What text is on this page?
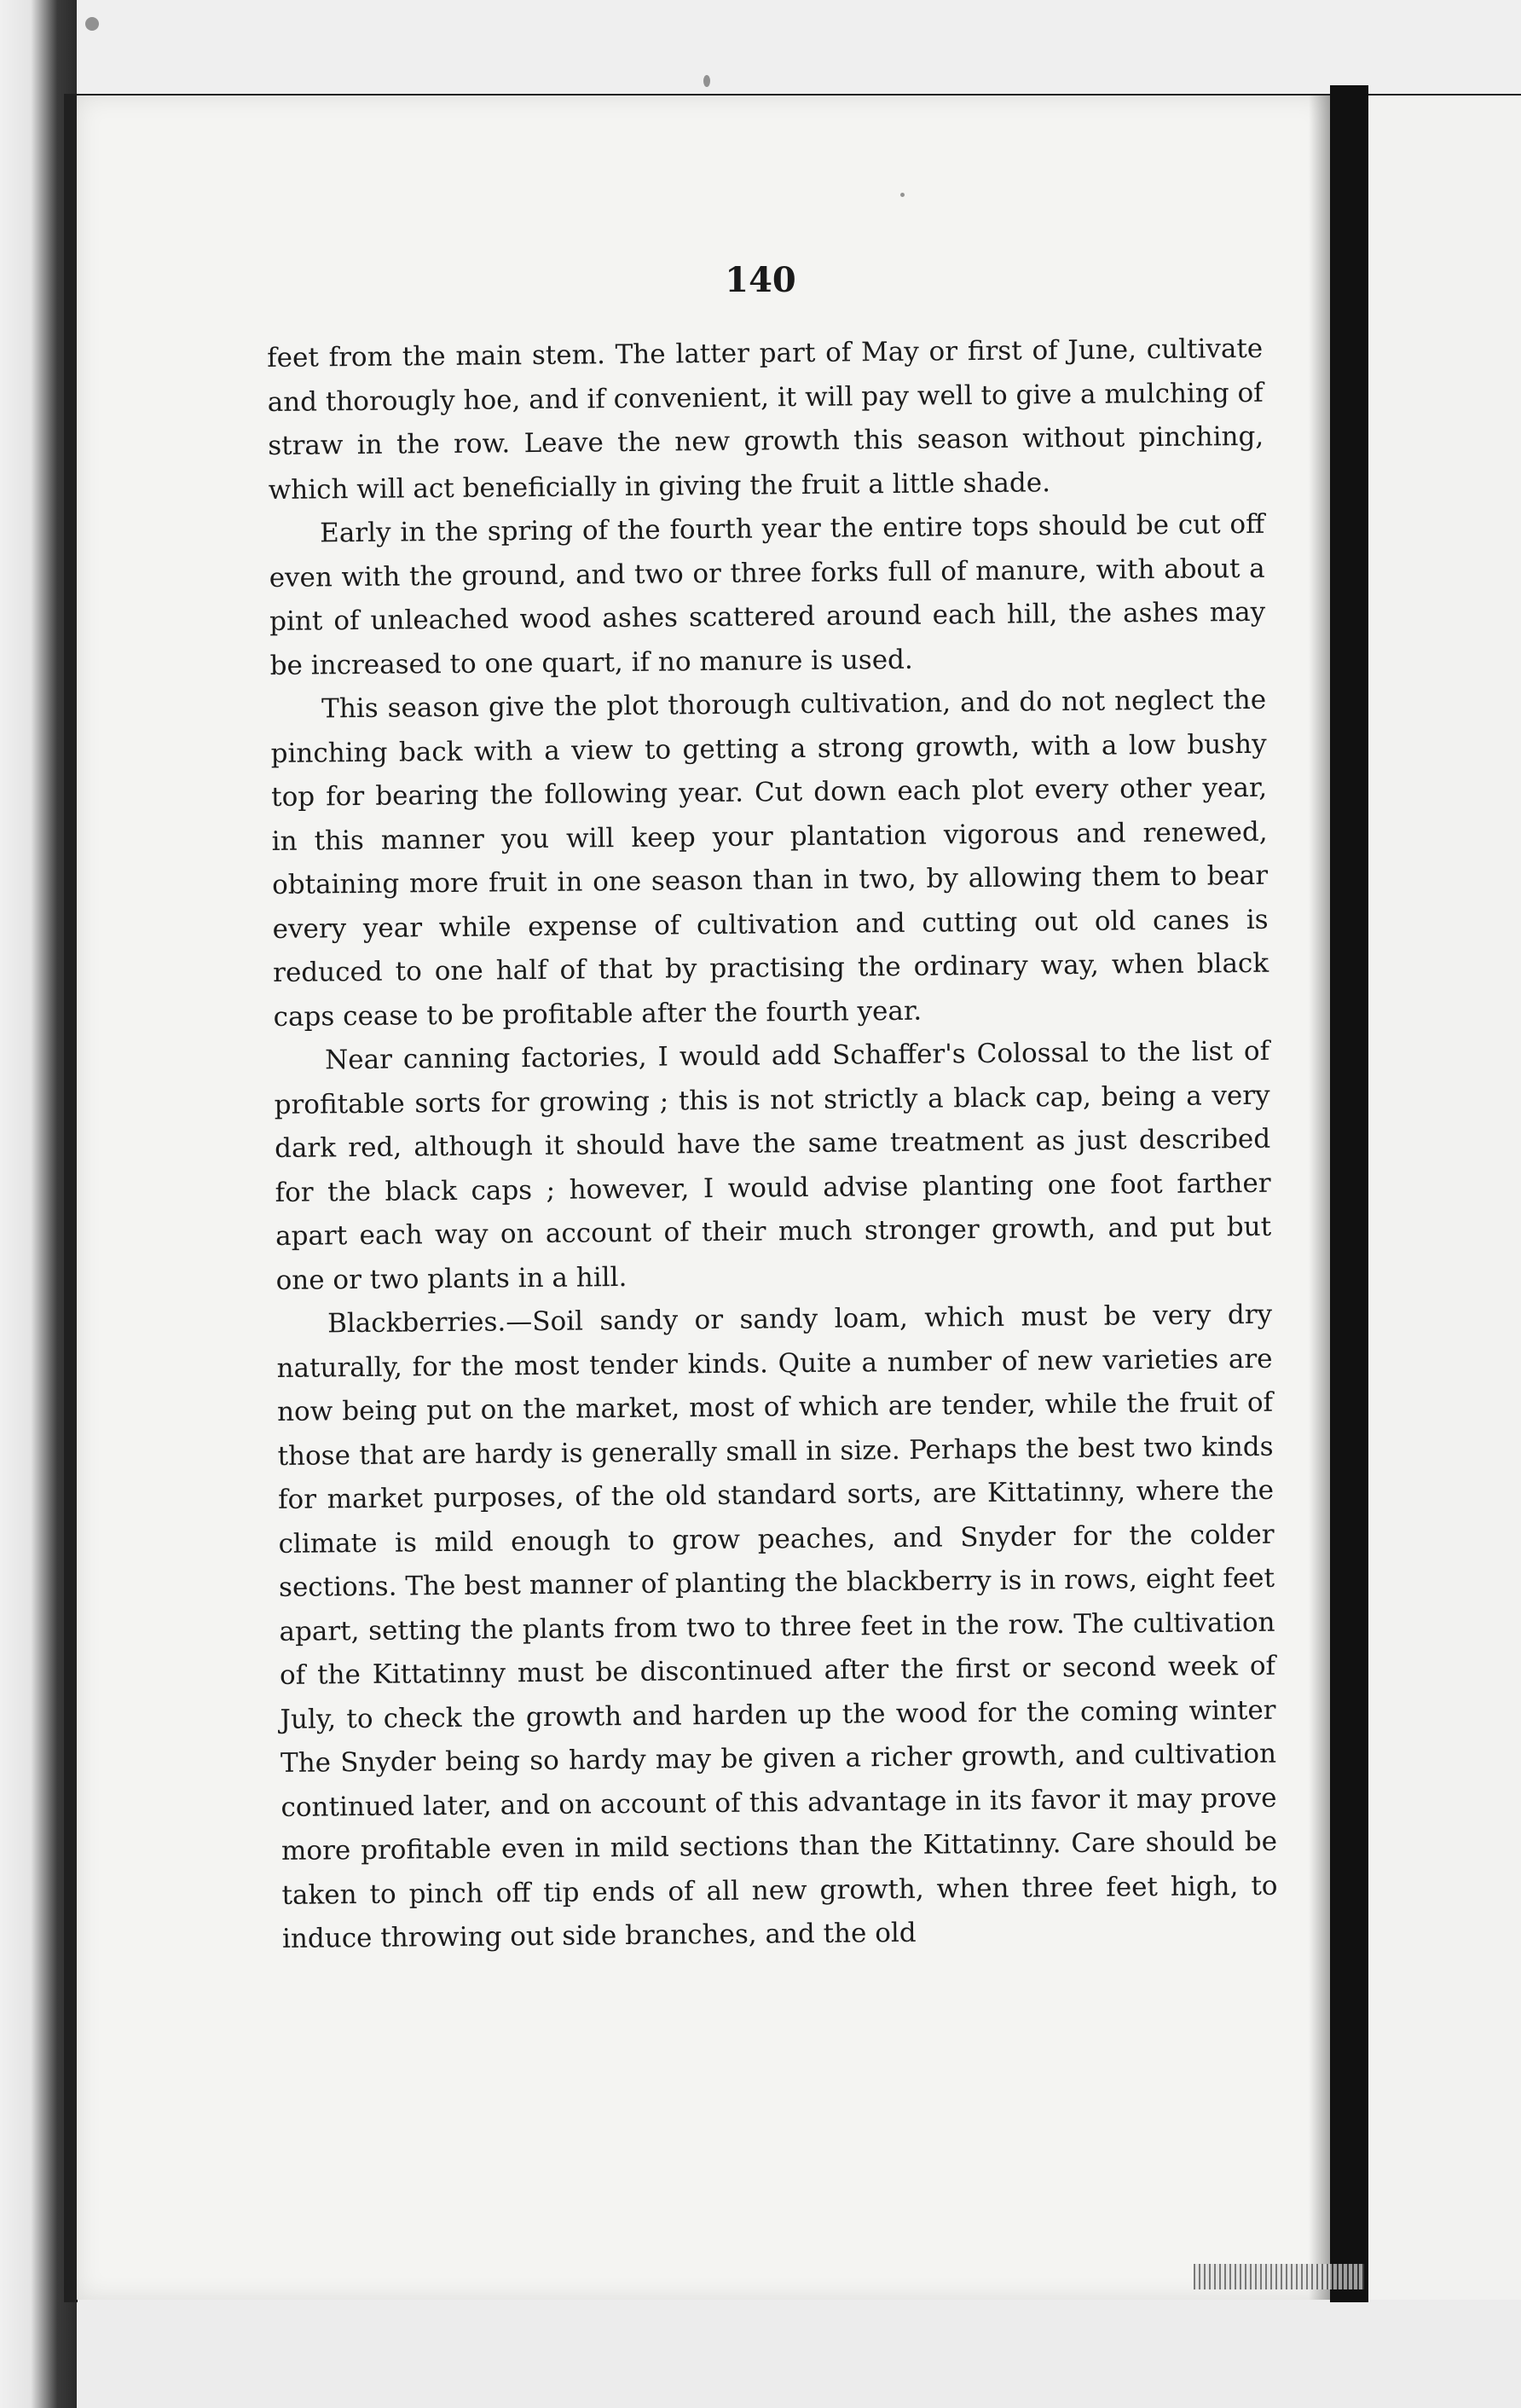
140

feet from the main stem. The latter part of May or first of June, cultivate and thorougly hoe, and if convenient, it will pay well to give a mulching of straw in the row. Leave the new growth this season without pinching, which will act beneficially in giving the fruit a little shade.

Early in the spring of the fourth year the entire tops should be cut off even with the ground, and two or three forks full of manure, with about a pint of unleached wood ashes scattered around each hill, the ashes may be increased to one quart, if no manure is used.

This season give the plot thorough cultivation, and do not neglect the pinching back with a view to getting a strong growth, with a low bushy top for bearing the following year. Cut down each plot every other year, in this manner you will keep your plantation vigorous and renewed, obtaining more fruit in one season than in two, by allowing them to bear every year while expense of cultivation and cutting out old canes is reduced to one half of that by practising the ordinary way, when black caps cease to be profitable after the fourth year.

Near canning factories, I would add Schaffer's Colossal to the list of profitable sorts for growing ; this is not strictly a black cap, being a very dark red, although it should have the same treatment as just described for the black caps ; however, I would advise planting one foot farther apart each way on account of their much stronger growth, and put but one or two plants in a hill.

Blackberries.—Soil sandy or sandy loam, which must be very dry naturally, for the most tender kinds. Quite a number of new varieties are now being put on the market, most of which are tender, while the fruit of those that are hardy is generally small in size. Perhaps the best two kinds for market purposes, of the old standard sorts, are Kittatinny, where the climate is mild enough to grow peaches, and Snyder for the colder sections. The best manner of planting the blackberry is in rows, eight feet apart, setting the plants from two to three feet in the row. The cultivation of the Kittatinny must be discontinued after the first or second week of July, to check the growth and harden up the wood for the coming winter The Snyder being so hardy may be given a richer growth, and cultivation continued later, and on account of this advantage in its favor it may prove more profitable even in mild sections than the Kittatinny. Care should be taken to pinch off tip ends of all new growth, when three feet high, to induce throwing out side branches, and the old
